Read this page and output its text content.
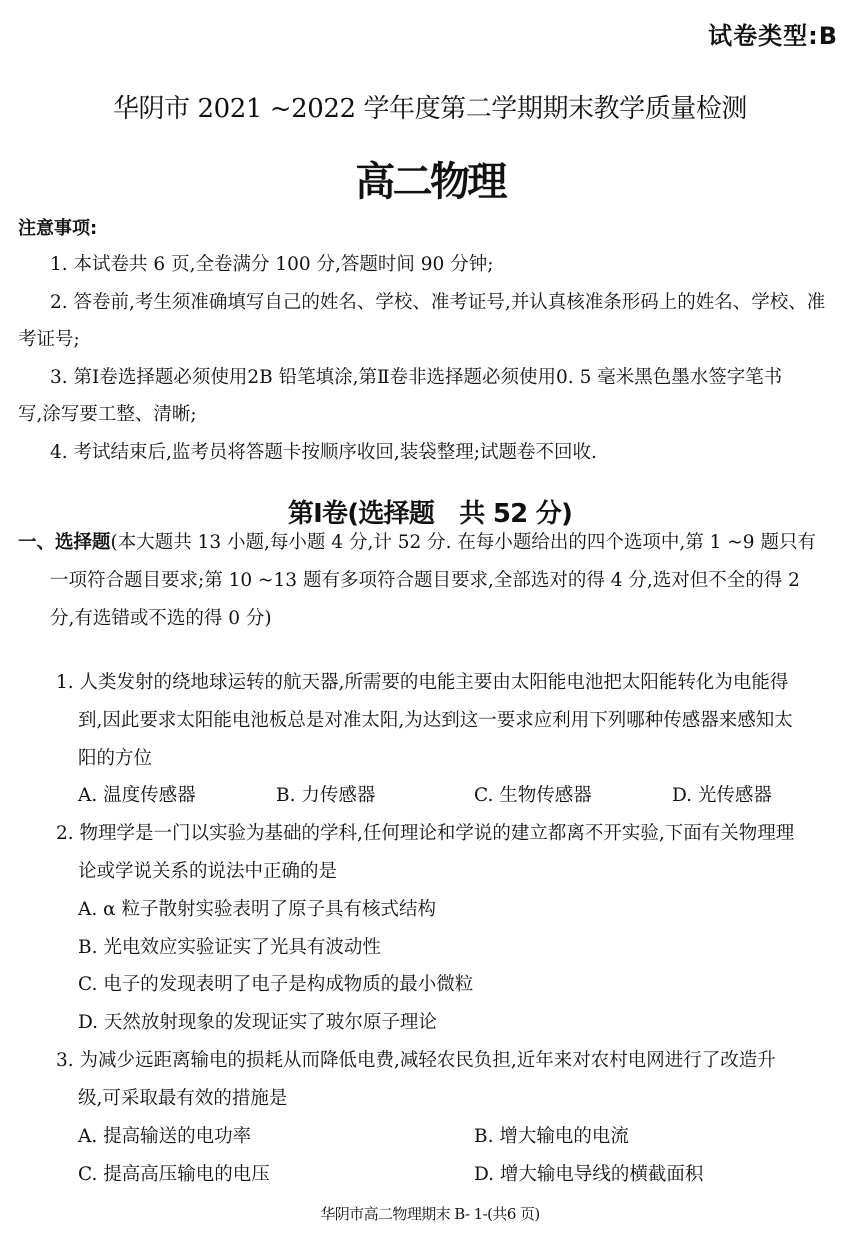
试卷类型:B
华阴市 2021 ~2022 学年度第二学期期末教学质量检测
高二物理
注意事项:
1. 本试卷共 6 页,全卷满分 100 分,答题时间 90 分钟;
2. 答卷前,考生须准确填写自己的姓名、学校、准考证号,并认真核准条形码上的姓名、学校、准
考证号;
3. 第Ⅰ卷选择题必须使用2B 铅笔填涂,第Ⅱ卷非选择题必须使用0. 5 毫米黑色墨水签字笔书
写,涂写要工整、清晰;
4. 考试结束后,监考员将答题卡按顺序收回,装袋整理;试题卷不回收.
第Ⅰ卷(选择题　共 52 分)
一、选择题(本大题共 13 小题,每小题 4 分,计 52 分. 在每小题给出的四个选项中,第 1 ~9 题只有
一项符合题目要求;第 10 ~13 题有多项符合题目要求,全部选对的得 4 分,选对但不全的得 2
分,有选错或不选的得 0 分)
1. 人类发射的绕地球运转的航天器,所需要的电能主要由太阳能电池把太阳能转化为电能得
到,因此要求太阳能电池板总是对准太阳,为达到这一要求应利用下列哪种传感器来感知太
阳的方位
A. 温度传感器	B. 力传感器	C. 生物传感器	D. 光传感器
2. 物理学是一门以实验为基础的学科,任何理论和学说的建立都离不开实验,下面有关物理理
论或学说关系的说法中正确的是
A. α 粒子散射实验表明了原子具有核式结构
B. 光电效应实验证实了光具有波动性
C. 电子的发现表明了电子是构成物质的最小微粒
D. 天然放射现象的发现证实了玻尔原子理论
3. 为减少远距离输电的损耗从而降低电费,减轻农民负担,近年来对农村电网进行了改造升
级,可采取最有效的措施是
A. 提高输送的电功率	B. 增大输电的电流
C. 提高高压输电的电压	D. 增大输电导线的横截面积
华阴市高二物理期末 B- 1-(共6 页)
